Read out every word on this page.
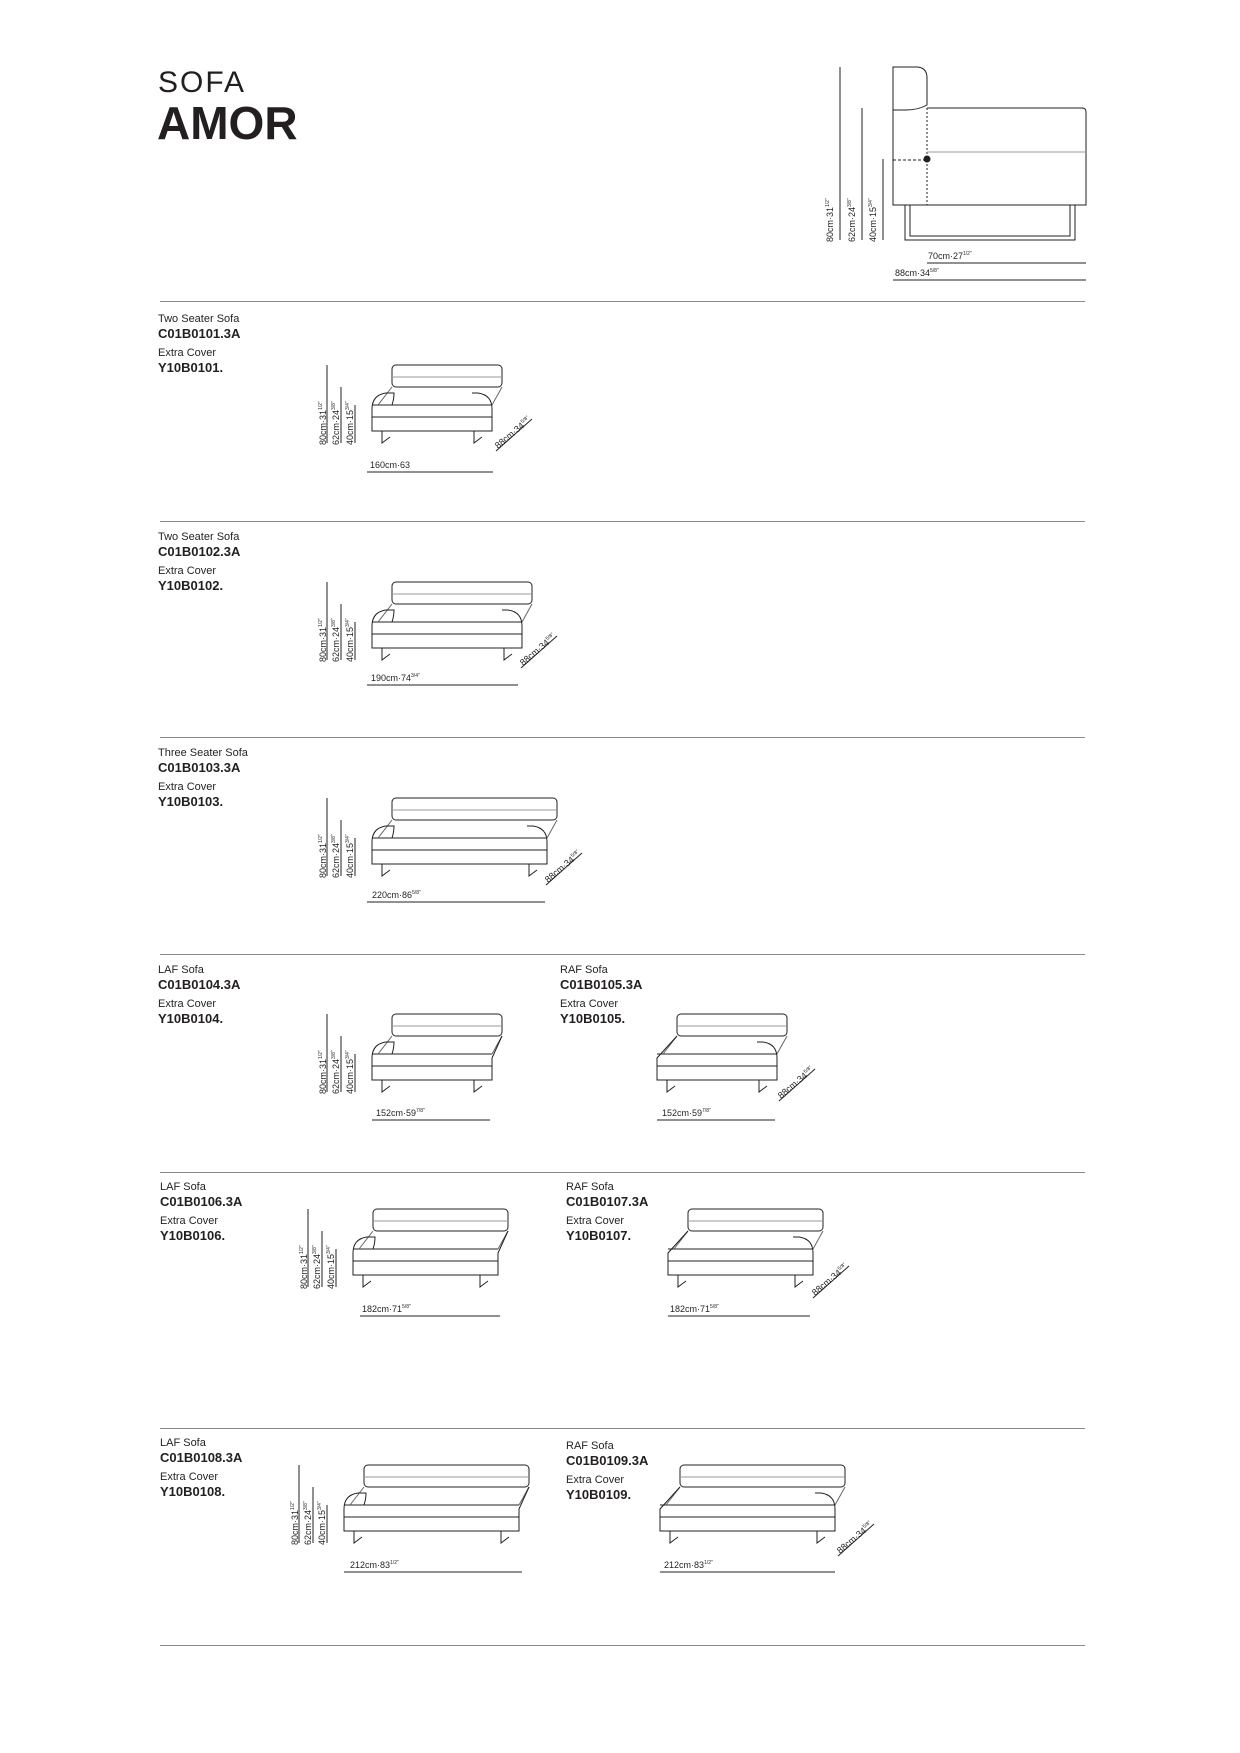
SOFA
AMOR
Two Seater Sofa
C01B0101.3A
Extra Cover
Y10B0101.
Two Seater Sofa
C01B0102.3A
Extra Cover
Y10B0102.
Three Seater Sofa
C01B0103.3A
Extra Cover
Y10B0103.
LAF Sofa
C01B0104.3A
Extra Cover
Y10B0104.
RAF Sofa
C01B0105.3A
Extra Cover
Y10B0105.
LAF Sofa
C01B0106.3A
Extra Cover
Y10B0106.
RAF Sofa
C01B0107.3A
Extra Cover
Y10B0107.
LAF Sofa
C01B0108.3A
Extra Cover
Y10B0108.
RAF Sofa
C01B0109.3A
Extra Cover
Y10B0109.
$80cm\cdot 31^{1/2"}$
$62cm\cdot 24^{3/8"}$
$40cm\cdot 15^{3/4"}$
$70cm\cdot 27^{1/2"}$
$88cm\cdot 34^{5/8"}$
160cm·63
$80cm\cdot 31^{1/2"}$
$62cm\cdot 24^{3/8"}$
$40cm\cdot 15^{3/4"}$
$88cm\cdot 34^{5/8"}$
$190cm\cdot 74^{3/4"}$
$80cm\cdot 31^{1/2"}$
$62cm\cdot 24^{3/8"}$
$40cm\cdot 15^{3/4"}$
$88cm\cdot 34^{5/8"}$
$220cm\cdot 86^{5/8"}$
$80cm\cdot 31^{1/2"}$
$62cm\cdot 24^{3/8"}$
$40cm\cdot 15^{3/4"}$
$88cm\cdot 34^{5/8"}$
$152cm\cdot 59^{7/8"}$
$80cm\cdot 31^{1/2"}$
$62cm\cdot 24^{3/8"}$
$40cm\cdot 15^{3/4"}$
$152cm\cdot 59^{7/8"}$
$88cm\cdot 34^{5/8"}$
$182cm\cdot 71^{5/8"}$
$80cm\cdot 31^{1/2"}$
$62cm\cdot 24^{3/8"}$
$40cm\cdot 15^{3/4"}$
$182cm\cdot 71^{5/8"}$
$88cm\cdot 34^{5/8"}$
$212cm\cdot 83^{1/2"}$
$80cm\cdot 31^{1/2"}$
$62cm\cdot 24^{3/8"}$
$40cm\cdot 15^{3/4"}$
$212cm\cdot 83^{1/2"}$
$88cm\cdot 34^{5/8"}$
